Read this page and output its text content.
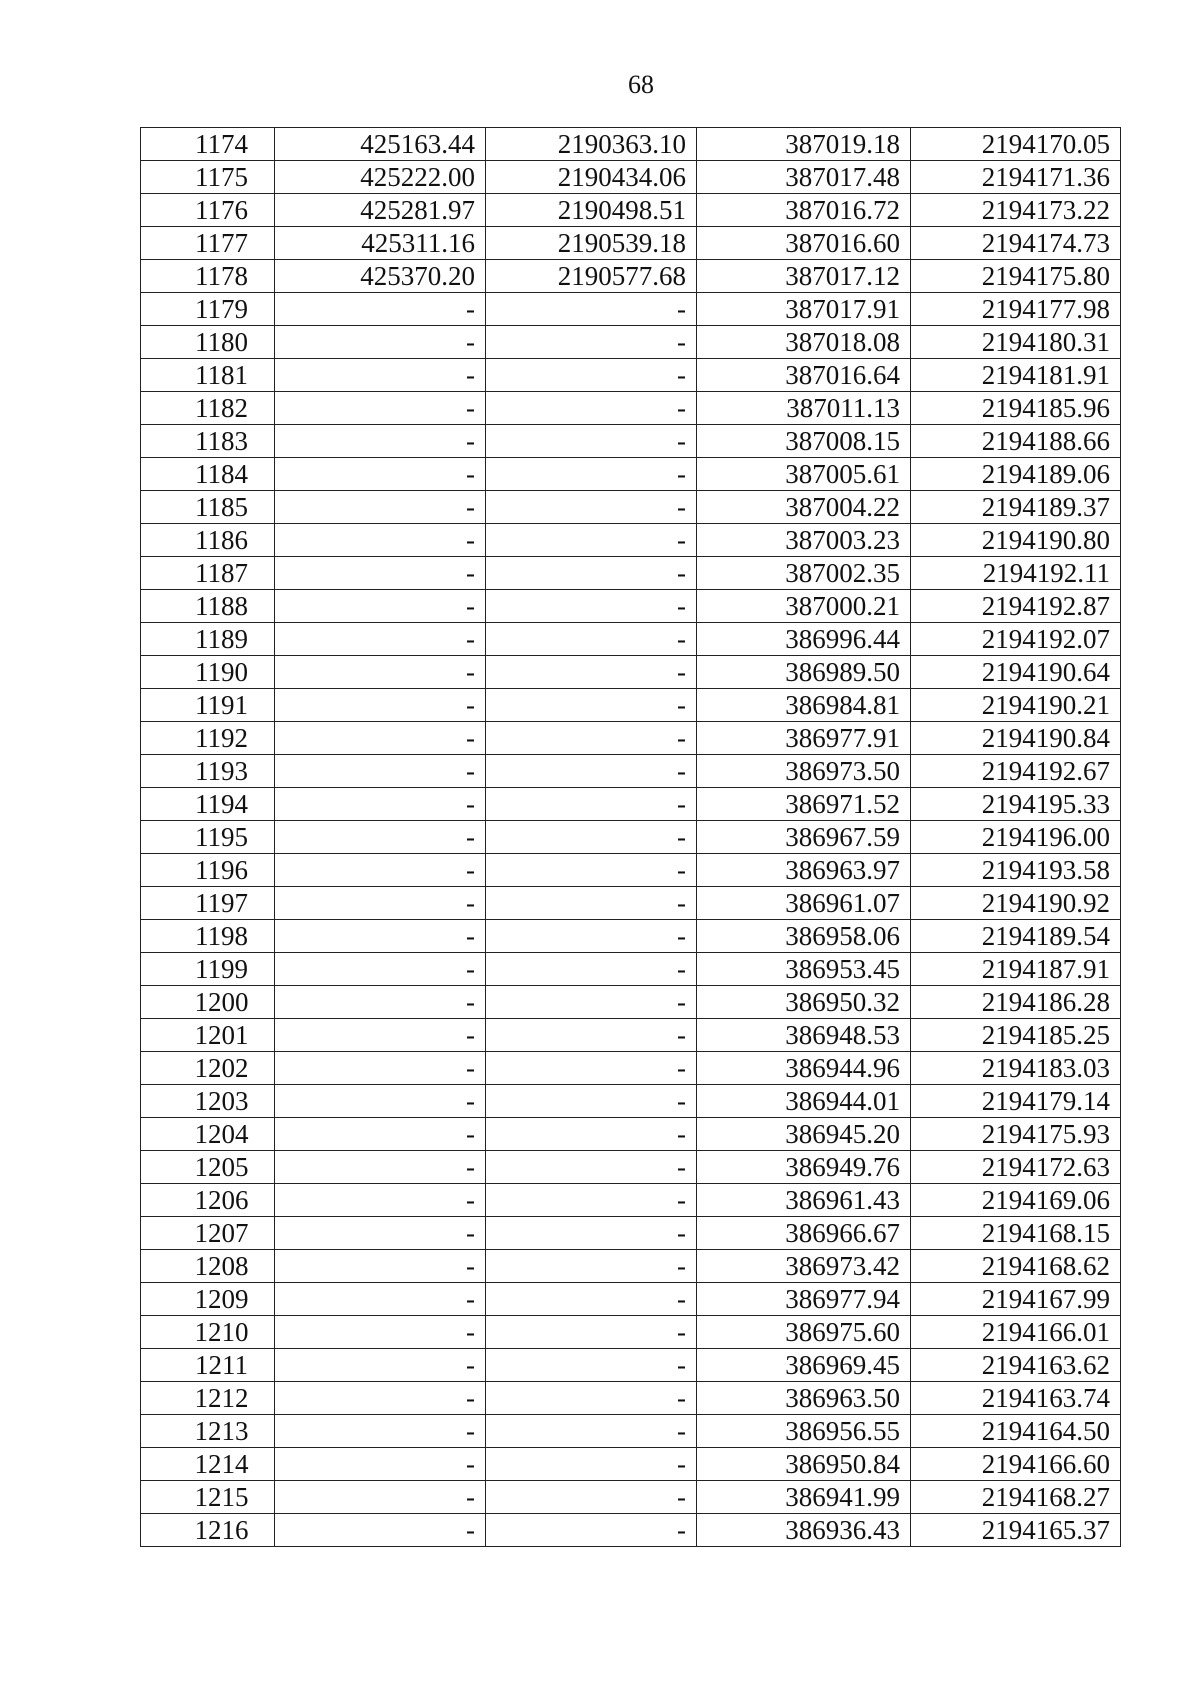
68
1174	425163.44	2190363.10	387019.18	2194170.05
1175	425222.00	2190434.06	387017.48	2194171.36
1176	425281.97	2190498.51	387016.72	2194173.22
1177	425311.16	2190539.18	387016.60	2194174.73
1178	425370.20	2190577.68	387017.12	2194175.80
1179	-	-	387017.91	2194177.98
1180	-	-	387018.08	2194180.31
1181	-	-	387016.64	2194181.91
1182	-	-	387011.13	2194185.96
1183	-	-	387008.15	2194188.66
1184	-	-	387005.61	2194189.06
1185	-	-	387004.22	2194189.37
1186	-	-	387003.23	2194190.80
1187	-	-	387002.35	2194192.11
1188	-	-	387000.21	2194192.87
1189	-	-	386996.44	2194192.07
1190	-	-	386989.50	2194190.64
1191	-	-	386984.81	2194190.21
1192	-	-	386977.91	2194190.84
1193	-	-	386973.50	2194192.67
1194	-	-	386971.52	2194195.33
1195	-	-	386967.59	2194196.00
1196	-	-	386963.97	2194193.58
1197	-	-	386961.07	2194190.92
1198	-	-	386958.06	2194189.54
1199	-	-	386953.45	2194187.91
1200	-	-	386950.32	2194186.28
1201	-	-	386948.53	2194185.25
1202	-	-	386944.96	2194183.03
1203	-	-	386944.01	2194179.14
1204	-	-	386945.20	2194175.93
1205	-	-	386949.76	2194172.63
1206	-	-	386961.43	2194169.06
1207	-	-	386966.67	2194168.15
1208	-	-	386973.42	2194168.62
1209	-	-	386977.94	2194167.99
1210	-	-	386975.60	2194166.01
1211	-	-	386969.45	2194163.62
1212	-	-	386963.50	2194163.74
1213	-	-	386956.55	2194164.50
1214	-	-	386950.84	2194166.60
1215	-	-	386941.99	2194168.27
1216	-	-	386936.43	2194165.37
